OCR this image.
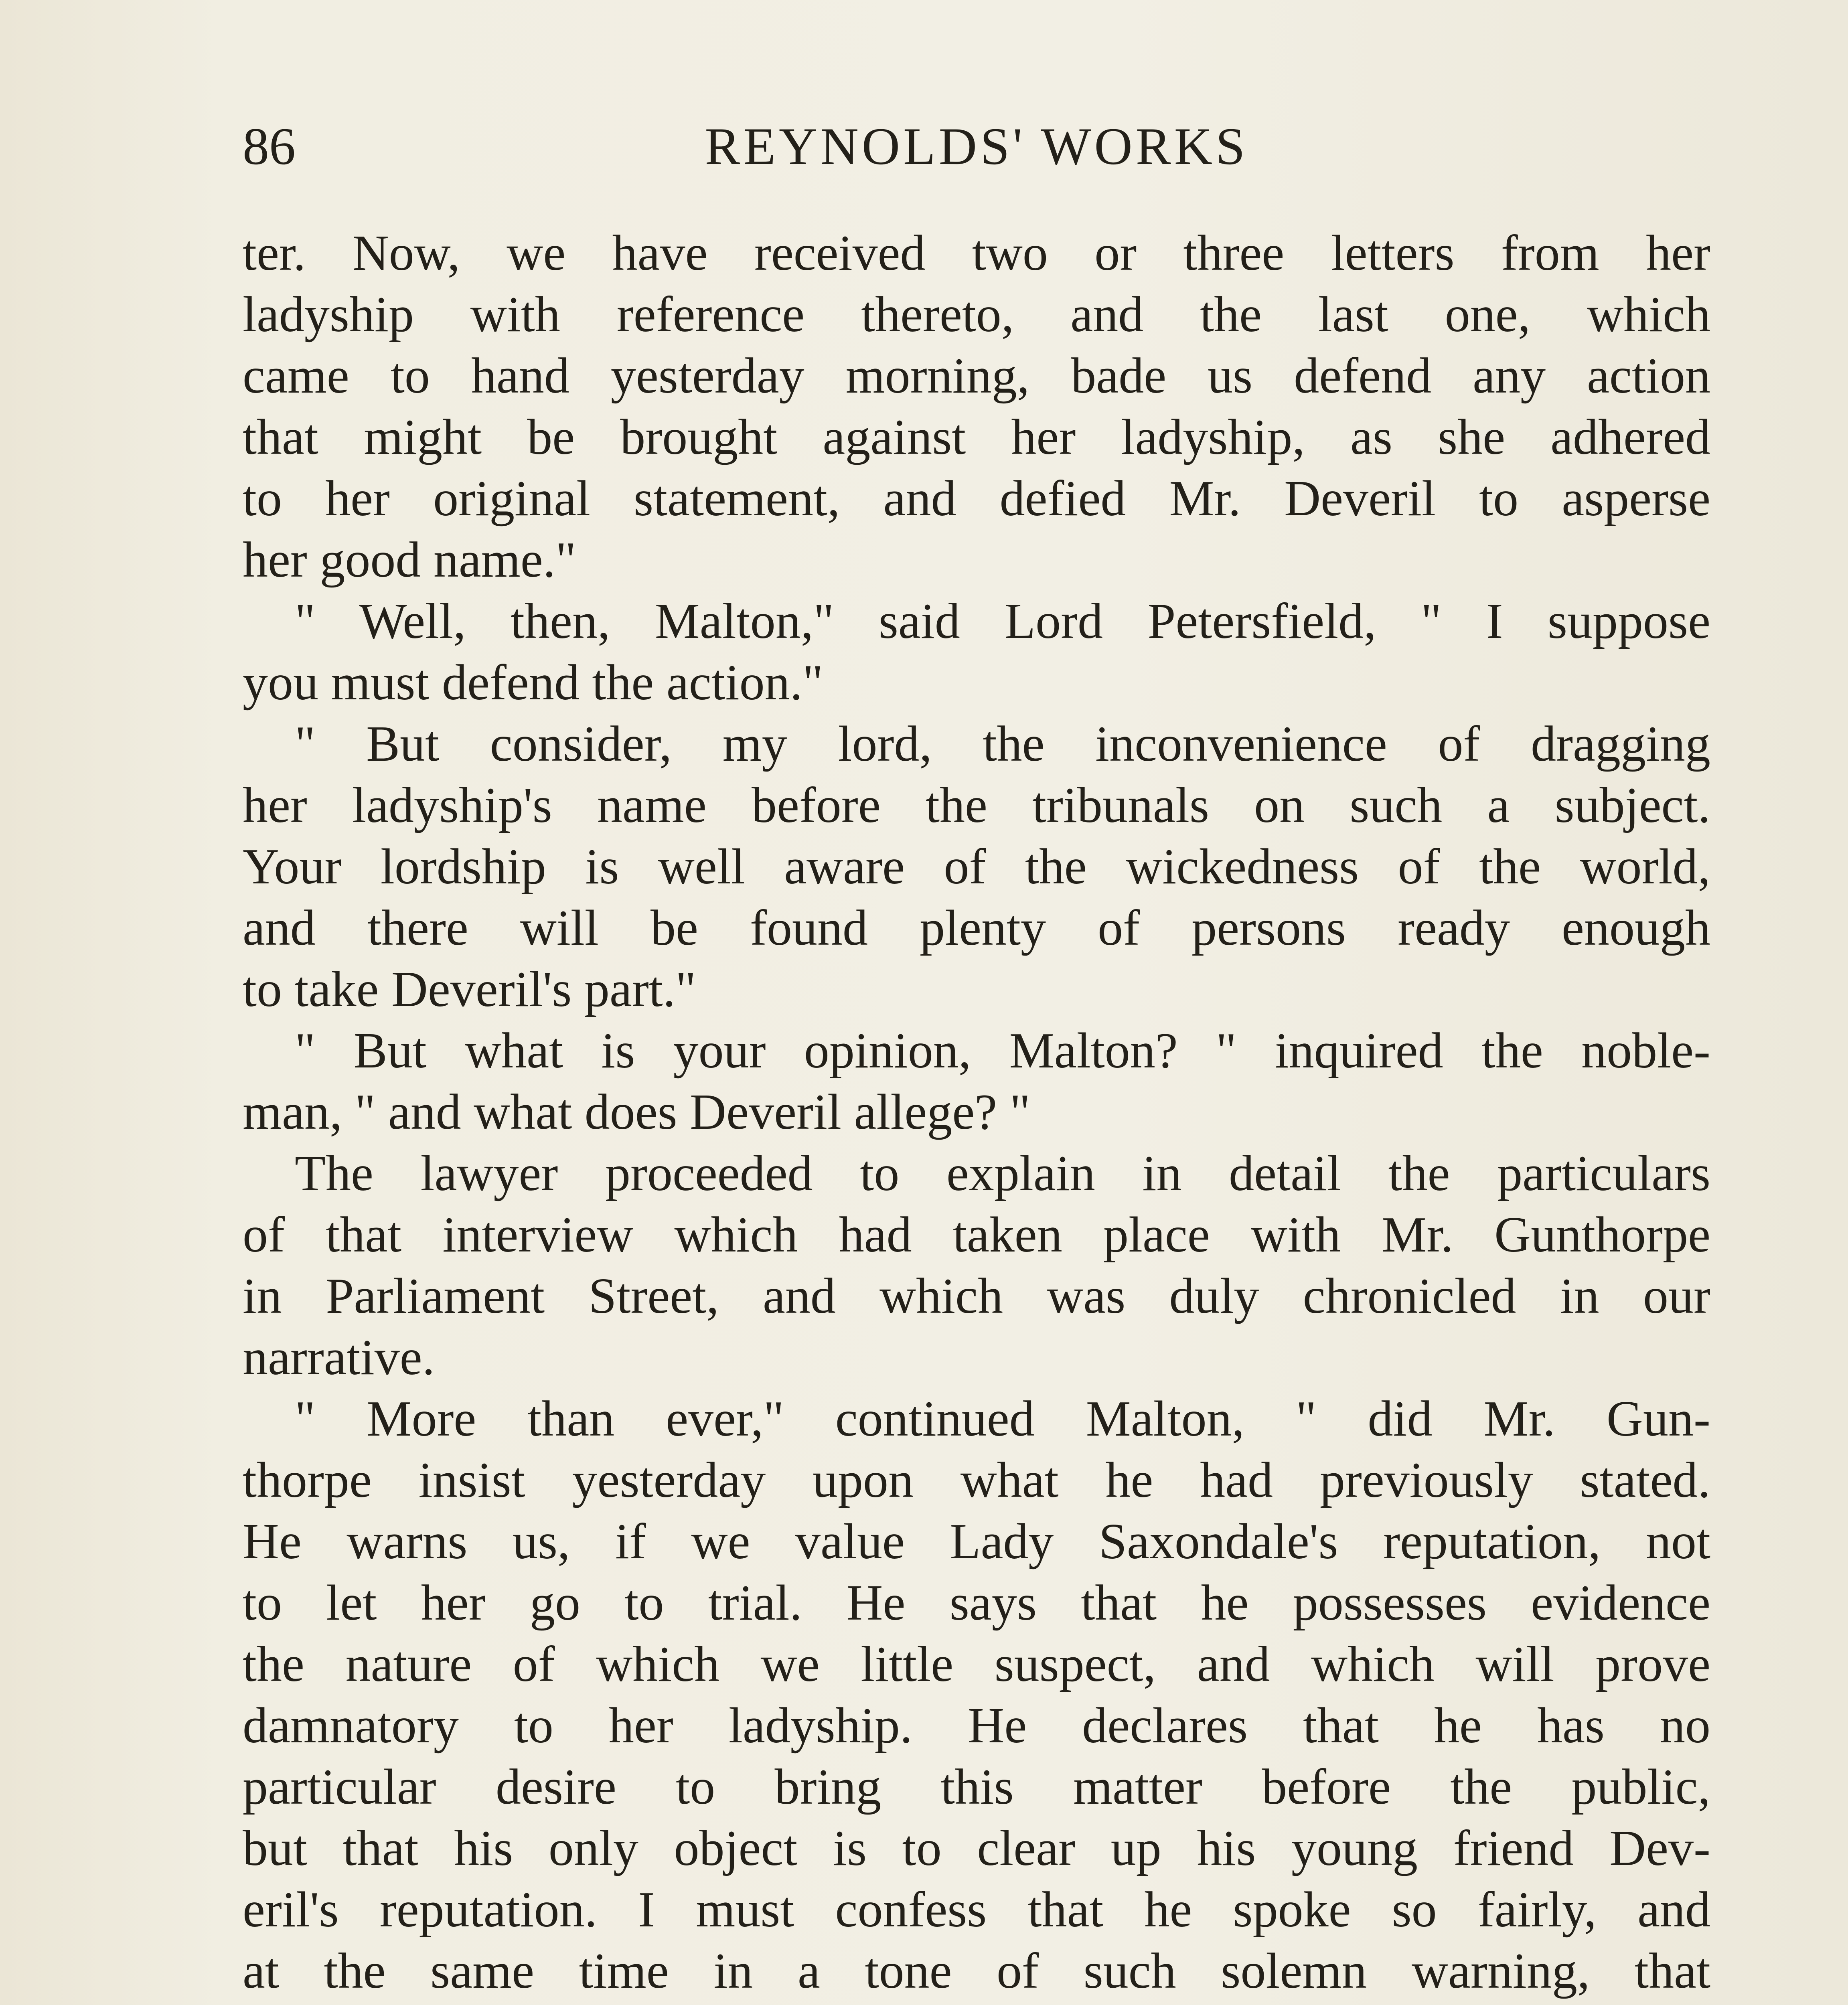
86	REYNOLDS' WORKS
ter. Now, we have received two or three letters from her
ladyship with reference thereto, and the last one, which
came to hand yesterday morning, bade us defend any action
that might be brought against her ladyship, as she adhered
to her original statement, and defied Mr. Deveril to asperse
her good name."
" Well, then, Malton," said Lord Petersfield, " I suppose
you must defend the action."
" But consider, my lord, the inconvenience of dragging
her ladyship's name before the tribunals on such a subject.
Your lordship is well aware of the wickedness of the world,
and there will be found plenty of persons ready enough
to take Deveril's part."
" But what is your opinion, Malton? " inquired the noble-
man, " and what does Deveril allege? "
The lawyer proceeded to explain in detail the particulars
of that interview which had taken place with Mr. Gunthorpe
in Parliament Street, and which was duly chronicled in our
narrative.
" More than ever," continued Malton, " did Mr. Gun-
thorpe insist yesterday upon what he had previously stated.
He warns us, if we value Lady Saxondale's reputation, not
to let her go to trial. He says that he possesses evidence
the nature of which we little suspect, and which will prove
damnatory to her ladyship. He declares that he has no
particular desire to bring this matter before the public,
but that his only object is to clear up his young friend Dev-
eril's reputation. I must confess that he spoke so fairly, and
at the same time in a tone of such solemn warning, that
